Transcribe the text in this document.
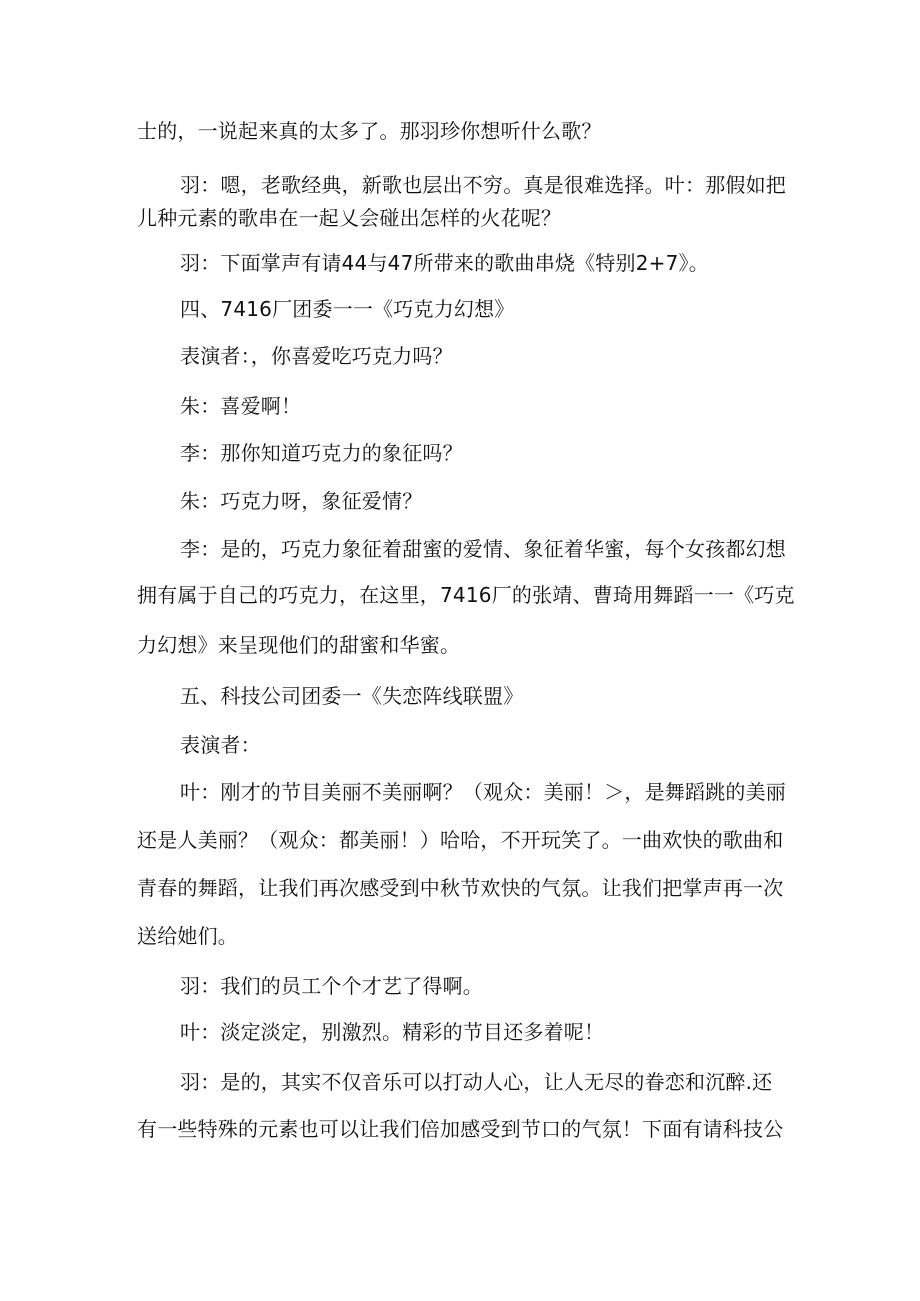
士的，一说起来真的太多了。那羽珍你想听什么歌？
羽：嗯，老歌经典，新歌也层出不穷。真是很难选择。叶：那假如把
儿种元素的歌串在一起乂会碰出怎样的火花呢？
羽：下面掌声有请44与47所带来的歌曲串烧《特别2+7》。
四、7416厂团委一一《巧克力幻想》
表演者：，你喜爱吃巧克力吗？
朱：喜爱啊！
李：那你知道巧克力的象征吗？
朱：巧克力呀，象征爱情？
李：是的，巧克力象征着甜蜜的爱情、象征着华蜜，每个女孩都幻想
拥有属于自己的巧克力，在这里，7416厂的张靖、曹琦用舞蹈一一《巧克
力幻想》来呈现他们的甜蜜和华蜜。
五、科技公司团委一《失恋阵线联盟》
表演者：
叶：刚才的节目美丽不美丽啊？（观众：美丽！＞，是舞蹈跳的美丽
还是人美丽？（观众：都美丽！）哈哈，不开玩笑了。一曲欢快的歌曲和
青春的舞蹈，让我们再次感受到中秋节欢快的气氛。让我们把掌声再一次
送给她们。
羽：我们的员工个个才艺了得啊。
叶：淡定淡定，别激烈。精彩的节目还多着呢！
羽：是的，其实不仅音乐可以打动人心，让人无尽的眷恋和沉醉.还
有一些特殊的元素也可以让我们倍加感受到节口的气氛！下面有请科技公
